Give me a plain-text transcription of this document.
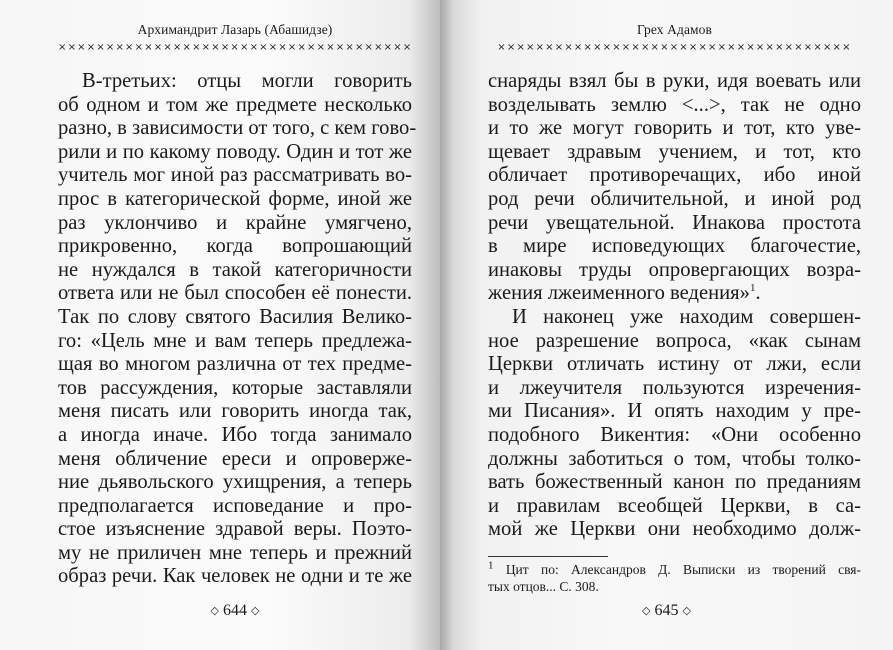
Архимандрит Лазарь (Абашидзе)
×××××××××××××××××××××××××××××××××××××
В-третьих: отцы могли говорить
об одном и том же предмете несколько
разно, в зависимости от того, с кем гово-
рили и по какому поводу. Один и тот же
учитель мог иной раз рассматривать во-
прос в категорической форме, иной же
раз уклончиво и крайне умягчено,
прикровенно, когда вопрошающий
не нуждался в такой категоричности
ответа или не был способен её понести.
Так по слову святого Василия Велико-
го: «Цель мне и вам теперь предлежа-
щая во многом различна от тех предме-
тов рассуждения, которые заставляли
меня писать или говорить иногда так,
а иногда иначе. Ибо тогда занимало
меня обличение ереси и опроверже-
ние дьявольского ухищрения, а теперь
предполагается исповедание и про-
стое изъяснение здравой веры. Поэто-
му не приличен мне теперь и прежний
образ речи. Как человек не одни и те же
◇ 644 ◇
Грех Адамов
×××××××××××××××××××××××××××××××××××××
снаряды взял бы в руки, идя воевать или
возделывать землю <...>, так не одно
и то же могут говорить и тот, кто уве-
щевает здравым учением, и тот, кто
обличает противоречащих, ибо иной
род речи обличительной, и иной род
речи увещательной. Инакова простота
в мире исповедующих благочестие,
инаковы труды опровергающих возра-
жения лжеименного ведения»$^1$.
И наконец уже находим совершен-
ное разрешение вопроса, «как сынам
Церкви отличать истину от лжи, если
и лжеучителя пользуются изречения-
ми Писания». И опять находим у пре-
подобного Викентия: «Они особенно
должны заботиться о том, чтобы толко-
вать божественный канон по преданиям
и правилам всеобщей Церкви, в са-
мой же Церкви они необходимо долж-
$^1$ Цит по: Александров Д. Выписки из творений свя-
тых отцов... С. 308.
◇ 645 ◇
